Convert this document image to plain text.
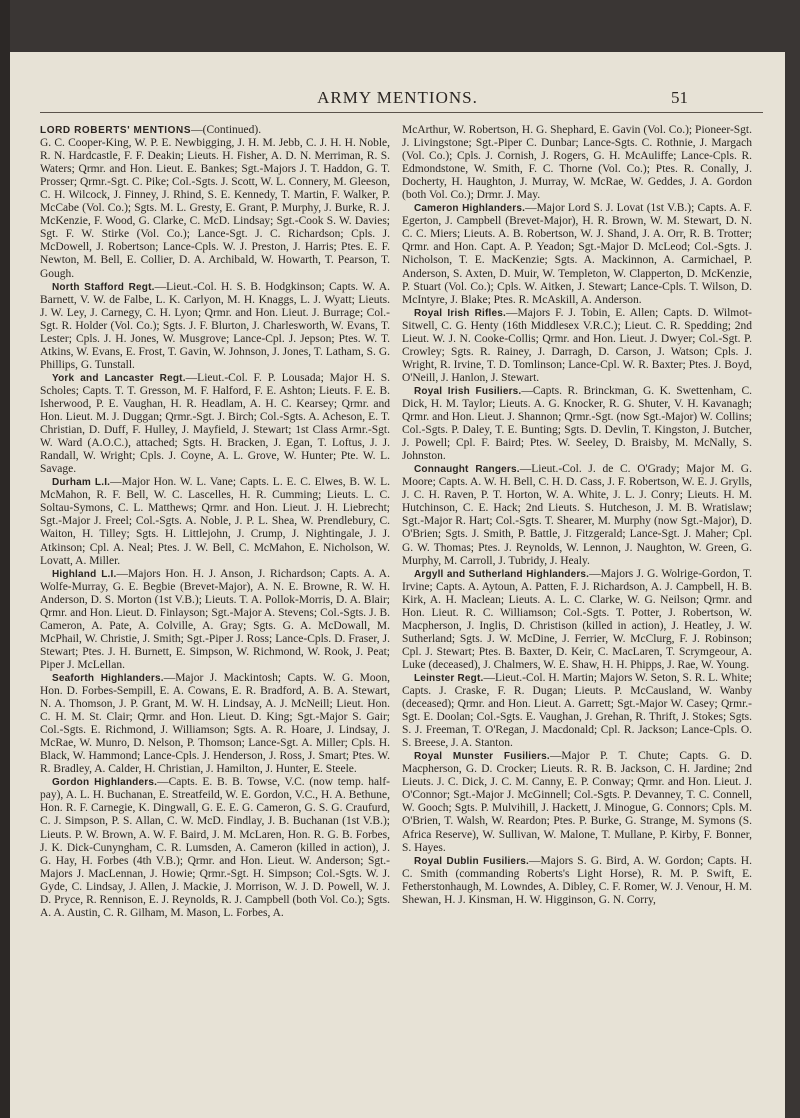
ARMY MENTIONS.	51

LORD ROBERTS' MENTIONS—(Continued).
G. C. Cooper-King, W. P. E. Newbigging, J. H. M. Jebb, C. J. H. H. Noble, R. N. Hardcastle, F. F. Deakin; Lieuts. H. Fisher, A. D. N. Merriman, R. S. Waters; Qrmr. and Hon. Lieut. E. Bankes; Sgt.-Majors J. T. Haddon, G. T. Prosser; Qrmr.-Sgt. C. Pike; Col.-Sgts. J. Scott, W. L. Connery, M. Gleeson, C. H. Wilcock, J. Finney, J. Rhind, S. E. Kennedy, T. Martin, F. Walker, P. McCabe (Vol. Co.); Sgts. M. L. Gresty, E. Grant, P. Murphy, J. Burke, R. J. McKenzie, F. Wood, G. Clarke, C. McD. Lindsay; Sgt.-Cook S. W. Davies; Sgt. F. W. Stirke (Vol. Co.); Lance-Sgt. J. C. Richardson; Cpls. J. McDowell, J. Robertson; Lance-Cpls. W. J. Preston, J. Harris; Ptes. E. F. Newton, M. Bell, E. Collier, D. A. Archibald, W. Howarth, T. Pearson, T. Gough.

North Stafford Regt.—Lieut.-Col. H. S. B. Hodgkinson; Capts. W. A. Barnett, V. W. de Falbe, L. K. Carlyon, M. H. Knaggs, L. J. Wyatt; Lieuts. J. W. Ley, J. Carnegy, C. H. Lyon; Qrmr. and Hon. Lieut. J. Burrage; Col.-Sgt. R. Holder (Vol. Co.); Sgts. J. F. Blurton, J. Charlesworth, W. Evans, T. Lester; Cpls. J. H. Jones, W. Musgrove; Lance-Cpl. J. Jepson; Ptes. W. T. Atkins, W. Evans, E. Frost, T. Gavin, W. Johnson, J. Jones, T. Latham, S. G. Phillips, G. Tunstall.

York and Lancaster Regt.—Lieut.-Col. F. P. Lousada; Major H. S. Scholes; Capts. T. T. Gresson, M. F. Halford, F. E. Ashton; Lieuts. F. E. B. Isherwood, P. E. Vaughan, H. R. Headlam, A. H. C. Kearsey; Qrmr. and Hon. Lieut. M. J. Duggan; Qrmr.-Sgt. J. Birch; Col.-Sgts. A. Acheson, E. T. Christian, D. Duff, F. Hulley, J. Mayfield, J. Stewart; 1st Class Armr.-Sgt. W. Ward (A.O.C.), attached; Sgts. H. Bracken, J. Egan, T. Loftus, J. J. Randall, W. Wright; Cpls. J. Coyne, A. L. Grove, W. Hunter; Pte. W. L. Savage.

Durham L.I.—Major Hon. W. L. Vane; Capts. L. E. C. Elwes, B. W. L. McMahon, R. F. Bell, W. C. Lascelles, H. R. Cumming; Lieuts. L. C. Soltau-Symons, C. L. Matthews; Qrmr. and Hon. Lieut. J. H. Liebrecht; Sgt.-Major J. Freel; Col.-Sgts. A. Noble, J. P. L. Shea, W. Prendlebury, C. Waiton, H. Tilley; Sgts. H. Littlejohn, J. Crump, J. Nightingale, J. J. Atkinson; Cpl. A. Neal; Ptes. J. W. Bell, C. McMahon, E. Nicholson, W. Lovatt, A. Miller.

Highland L.I.—Majors Hon. H. J. Anson, J. Richardson; Capts. A. A. Wolfe-Murray, G. E. Begbie (Brevet-Major), A. N. E. Browne, R. W. H. Anderson, D. S. Morton (1st V.B.); Lieuts. T. A. Pollok-Morris, D. A. Blair; Qrmr. and Hon. Lieut. D. Finlayson; Sgt.-Major A. Stevens; Col.-Sgts. J. B. Cameron, A. Pate, A. Colville, A. Gray; Sgts. G. A. McDowall, M. McPhail, W. Christie, J. Smith; Sgt.-Piper J. Ross; Lance-Cpls. D. Fraser, J. Stewart; Ptes. J. H. Burnett, E. Simpson, W. Richmond, W. Rook, J. Peat; Piper J. McLellan.

Seaforth Highlanders.—Major J. Mackintosh; Capts. W. G. Moon, Hon. D. Forbes-Sempill, E. A. Cowans, E. R. Bradford, A. B. A. Stewart, N. A. Thomson, J. P. Grant, M. W. H. Lindsay, A. J. McNeill; Lieut. Hon. C. H. M. St. Clair; Qrmr. and Hon. Lieut. D. King; Sgt.-Major S. Gair; Col.-Sgts. E. Richmond, J. Williamson; Sgts. A. R. Hoare, J. Lindsay, J. McRae, W. Munro, D. Nelson, P. Thomson; Lance-Sgt. A. Miller; Cpls. H. Black, W. Hammond; Lance-Cpls. J. Henderson, J. Ross, J. Smart; Ptes. W. R. Bradley, A. Calder, H. Christian, J. Hamilton, J. Hunter, E. Steele.

Gordon Highlanders.—Capts. E. B. B. Towse, V.C. (now temp. half-pay), A. L. H. Buchanan, E. Streatfeild, W. E. Gordon, V.C., H. A. Bethune, Hon. R. F. Carnegie, K. Dingwall, G. E. E. G. Cameron, G. S. G. Craufurd, C. J. Simpson, P. S. Allan, C. W. McD. Findlay, J. B. Buchanan (1st V.B.); Lieuts. P. W. Brown, A. W. F. Baird, J. M. McLaren, Hon. R. G. B. Forbes, J. K. Dick-Cunyngham, C. R. Lumsden, A. Cameron (killed in action), J. G. Hay, H. Forbes (4th V.B.); Qrmr. and Hon. Lieut. W. Anderson; Sgt.-Majors J. MacLennan, J. Howie; Qrmr.-Sgt. H. Simpson; Col.-Sgts. W. J. Gyde, C. Lindsay, J. Allen, J. Mackie, J. Morrison, W. J. D. Powell, W. J. D. Pryce, R. Rennison, E. J. Reynolds, R. J. Campbell (both Vol. Co.); Sgts. A. A. Austin, C. R. Gilham, M. Mason, L. Forbes, A.

McArthur, W. Robertson, H. G. Shephard, E. Gavin (Vol. Co.); Pioneer-Sgt. J. Livingstone; Sgt.-Piper C. Dunbar; Lance-Sgts. C. Rothnie, J. Margach (Vol. Co.); Cpls. J. Cornish, J. Rogers, G. H. McAuliffe; Lance-Cpls. R. Edmondstone, W. Smith, F. C. Thorne (Vol. Co.); Ptes. R. Conally, J. Docherty, H. Haughton, J. Murray, W. McRae, W. Geddes, J. A. Gordon (both Vol. Co.); Drmr. J. May.

Cameron Highlanders.—Major Lord S. J. Lovat (1st V.B.); Capts. A. F. Egerton, J. Campbell (Brevet-Major), H. R. Brown, W. M. Stewart, D. N. C. C. Miers; Lieuts. A. B. Robertson, W. J. Shand, J. A. Orr, R. B. Trotter; Qrmr. and Hon. Capt. A. P. Yeadon; Sgt.-Major D. McLeod; Col.-Sgts. J. Nicholson, T. E. MacKenzie; Sgts. A. Mackinnon, A. Carmichael, P. Anderson, S. Axten, D. Muir, W. Templeton, W. Clapperton, D. McKenzie, P. Stuart (Vol. Co.); Cpls. W. Aitken, J. Stewart; Lance-Cpls. T. Wilson, D. McIntyre, J. Blake; Ptes. R. McAskill, A. Anderson.

Royal Irish Rifles.—Majors F. J. Tobin, E. Allen; Capts. D. Wilmot-Sitwell, C. G. Henty (16th Middlesex V.R.C.); Lieut. C. R. Spedding; 2nd Lieut. W. J. N. Cooke-Collis; Qrmr. and Hon. Lieut. J. Dwyer; Col.-Sgt. P. Crowley; Sgts. R. Rainey, J. Darragh, D. Carson, J. Watson; Cpls. J. Wright, R. Irvine, T. D. Tomlinson; Lance-Cpl. W. R. Baxter; Ptes. J. Boyd, O'Neill, J. Hanlon, J. Stewart.

Royal Irish Fusiliers.—Capts. R. Brinckman, G. K. Swettenham, C. Dick, H. M. Taylor; Lieuts. A. G. Knocker, R. G. Shuter, V. H. Kavanagh; Qrmr. and Hon. Lieut. J. Shannon; Qrmr.-Sgt. (now Sgt.-Major) W. Collins; Col.-Sgts. P. Daley, T. E. Bunting; Sgts. D. Devlin, T. Kingston, J. Butcher, J. Powell; Cpl. F. Baird; Ptes. W. Seeley, D. Braisby, M. McNally, S. Johnston.

Connaught Rangers.—Lieut.-Col. J. de C. O'Grady; Major M. G. Moore; Capts. A. W. H. Bell, C. H. D. Cass, J. F. Robertson, W. E. J. Grylls, J. C. H. Raven, P. T. Horton, W. A. White, J. L. J. Conry; Lieuts. H. M. Hutchinson, C. E. Hack; 2nd Lieuts. S. Hutcheson, J. M. B. Wratislaw; Sgt.-Major R. Hart; Col.-Sgts. T. Shearer, M. Murphy (now Sgt.-Major), D. O'Brien; Sgts. J. Smith, P. Battle, J. Fitzgerald; Lance-Sgt. J. Maher; Cpl. G. W. Thomas; Ptes. J. Reynolds, W. Lennon, J. Naughton, W. Green, G. Murphy, M. Carroll, J. Tubridy, J. Healy.

Argyll and Sutherland Highlanders.—Majors J. G. Wolrige-Gordon, T. Irvine; Capts. A. Aytoun, A. Patten, F. J. Richardson, A. J. Campbell, H. B. Kirk, A. H. Maclean; Lieuts. A. L. C. Clarke, W. G. Neilson; Qrmr. and Hon. Lieut. R. C. Williamson; Col.-Sgts. T. Potter, J. Robertson, W. Macpherson, J. Inglis, D. Christison (killed in action), J. Heatley, J. W. Sutherland; Sgts. J. W. McDine, J. Ferrier, W. McClurg, F. J. Robinson; Cpl. J. Stewart; Ptes. B. Baxter, D. Keir, C. MacLaren, T. Scrymgeour, A. Luke (deceased), J. Chalmers, W. E. Shaw, H. H. Phipps, J. Rae, W. Young.

Leinster Regt.—Lieut.-Col. H. Martin; Majors W. Seton, S. R. L. White; Capts. J. Craske, F. R. Dugan; Lieuts. P. McCausland, W. Wanby (deceased); Qrmr. and Hon. Lieut. A. Garrett; Sgt.-Major W. Casey; Qrmr.-Sgt. E. Doolan; Col.-Sgts. E. Vaughan, J. Grehan, R. Thrift, J. Stokes; Sgts. S. J. Freeman, T. O'Regan, J. Macdonald; Cpl. R. Jackson; Lance-Cpls. O. S. Breese, J. A. Stanton.

Royal Munster Fusiliers.—Major P. T. Chute; Capts. G. D. Macpherson, G. D. Crocker; Lieuts. R. R. B. Jackson, C. H. Jardine; 2nd Lieuts. J. C. Dick, J. C. M. Canny, E. P. Conway; Qrmr. and Hon. Lieut. J. O'Connor; Sgt.-Major J. McGinnell; Col.-Sgts. P. Devanney, T. C. Connell, W. Gooch; Sgts. P. Mulvihill, J. Hackett, J. Minogue, G. Connors; Cpls. M. O'Brien, T. Walsh, W. Reardon; Ptes. P. Burke, G. Strange, M. Symons (S. Africa Reserve), W. Sullivan, W. Malone, T. Mullane, P. Kirby, F. Bonner, S. Hayes.

Royal Dublin Fusiliers.—Majors S. G. Bird, A. W. Gordon; Capts. H. C. Smith (commanding Roberts's Light Horse), R. M. P. Swift, E. Fetherstonhaugh, M. Lowndes, A. Dibley, C. F. Romer, W. J. Venour, H. M. Shewan, H. J. Kinsman, H. W. Higginson, G. N. Corry,
